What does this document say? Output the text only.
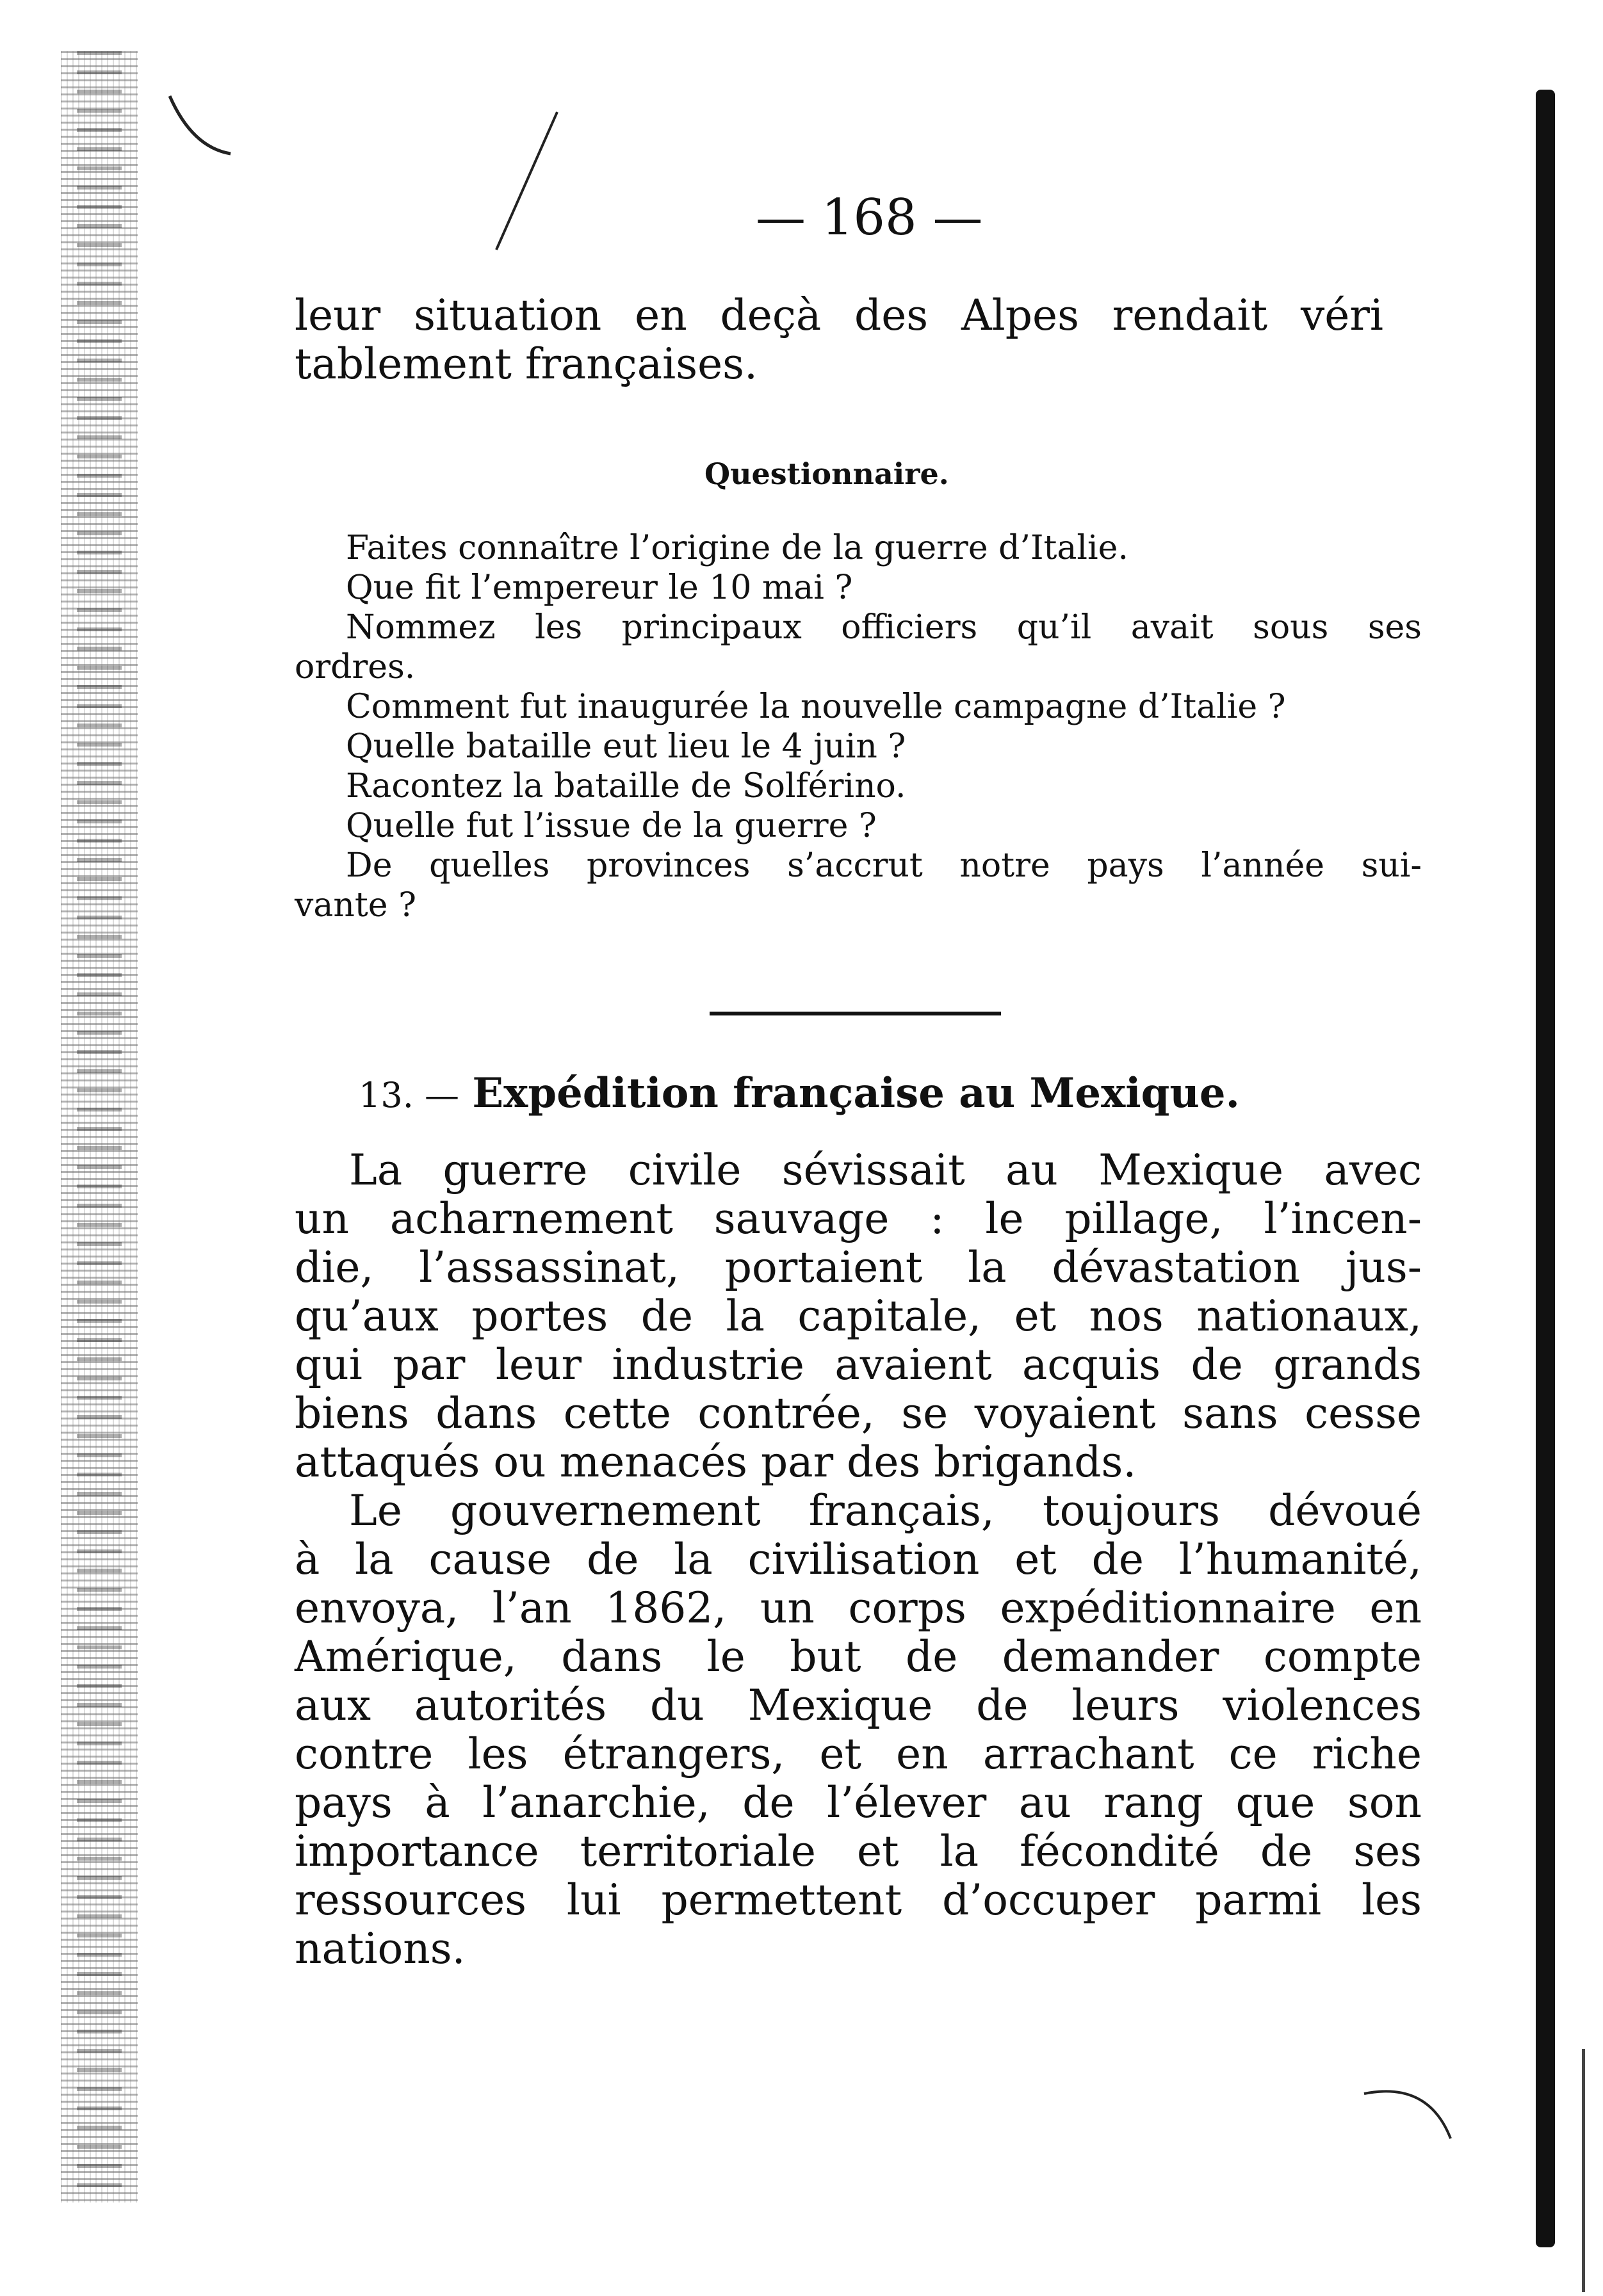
— 168 —
leur situation en deçà des Alpes rendait véri
tablement françaises.
Questionnaire.
Faites connaître l’origine de la guerre d’Italie.
Que fit l’empereur le 10 mai ?
Nommez les principaux officiers qu’il avait sous ses
ordres.
Comment fut inaugurée la nouvelle campagne d’Italie ?
Quelle bataille eut lieu le 4 juin ?
Racontez la bataille de Solférino.
Quelle fut l’issue de la guerre ?
De quelles provinces s’accrut notre pays l’année sui-
vante ?
13. — Expédition française au Mexique.
La guerre civile sévissait au Mexique avec
un acharnement sauvage : le pillage, l’incen-
die, l’assassinat, portaient la dévastation jus-
qu’aux portes de la capitale, et nos nationaux,
qui par leur industrie avaient acquis de grands
biens dans cette contrée, se voyaient sans cesse
attaqués ou menacés par des brigands.
Le gouvernement français, toujours dévoué
à la cause de la civilisation et de l’humanité,
envoya, l’an 1862, un corps expéditionnaire en
Amérique, dans le but de demander compte
aux autorités du Mexique de leurs violences
contre les étrangers, et en arrachant ce riche
pays à l’anarchie, de l’élever au rang que son
importance territoriale et la fécondité de ses
ressources lui permettent d’occuper parmi les
nations.
